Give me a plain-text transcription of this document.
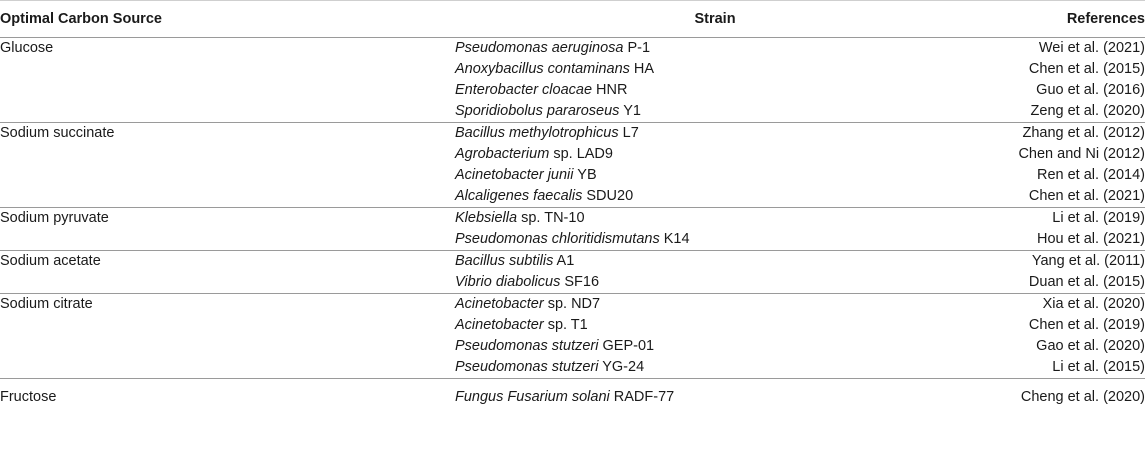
Optimal Carbon Source	Strain	References
Glucose	Pseudomonas aeruginosa P-1	Wei et al. (2021)
	Anoxybacillus contaminans HA	Chen et al. (2015)
	Enterobacter cloacae HNR	Guo et al. (2016)
	Sporidiobolus pararoseus Y1	Zeng et al. (2020)
Sodium succinate	Bacillus methylotrophicus L7	Zhang et al. (2012)
	Agrobacterium sp. LAD9	Chen and Ni (2012)
	Acinetobacter junii YB	Ren et al. (2014)
	Alcaligenes faecalis SDU20	Chen et al. (2021)
Sodium pyruvate	Klebsiella sp. TN-10	Li et al. (2019)
	Pseudomonas chloritidismutans K14	Hou et al. (2021)
Sodium acetate	Bacillus subtilis A1	Yang et al. (2011)
	Vibrio diabolicus SF16	Duan et al. (2015)
Sodium citrate	Acinetobacter sp. ND7	Xia et al. (2020)
	Acinetobacter sp. T1	Chen et al. (2019)
	Pseudomonas stutzeri GEP-01	Gao et al. (2020)
	Pseudomonas stutzeri YG-24	Li et al. (2015)
Fructose	Fungus Fusarium solani RADF-77	Cheng et al. (2020)
